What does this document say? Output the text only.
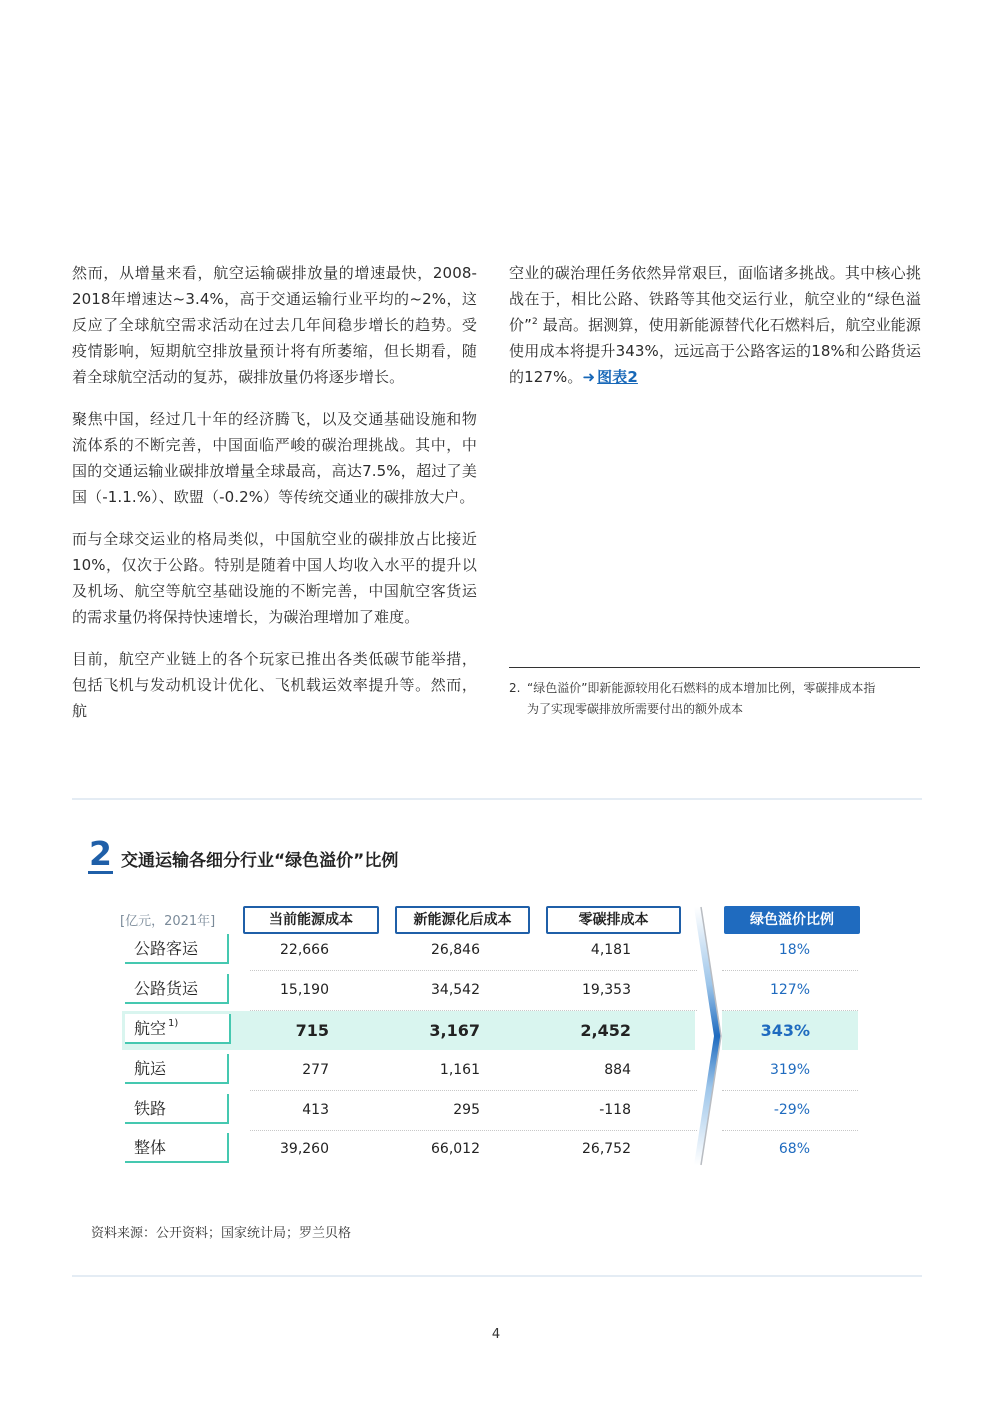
然而，从增量来看，航空运输碳排放量的增速最快，2008-2018年增速达~3.4%，高于交通运输行业平均的~2%，这反应了全球航空需求活动在过去几年间稳步增长的趋势。受疫情影响，短期航空排放量预计将有所萎缩，但长期看，随着全球航空活动的复苏，碳排放量仍将逐步增长。

聚焦中国，经过几十年的经济腾飞，以及交通基础设施和物流体系的不断完善，中国面临严峻的碳治理挑战。其中，中国的交通运输业碳排放增量全球最高，高达7.5%，超过了美国（-1.1.%）、欧盟（-0.2%）等传统交通业的碳排放大户。

而与全球交运业的格局类似，中国航空业的碳排放占比接近10%，仅次于公路。特别是随着中国人均收入水平的提升以及机场、航空等航空基础设施的不断完善，中国航空客货运的需求量仍将保持快速增长，为碳治理增加了难度。

目前，航空产业链上的各个玩家已推出各类低碳节能举措，包括飞机与发动机设计优化、飞机载运效率提升等。然而，航

空业的碳治理任务依然异常艰巨，面临诸多挑战。其中核心挑战在于，相比公路、铁路等其他交运行业，航空业的“绿色溢价”$^2$ 最高。据测算，使用新能源替代化石燃料后，航空业能源使用成本将提升343%，远远高于公路客运的18%和公路货运的127%。➜ 图表2

2. “绿色溢价”即新能源较用化石燃料的成本增加比例，零碳排成本指
为了实现零碳排放所需要付出的额外成本
2 交通运输各细分行业“绿色溢价”比例
[亿元，2021年]	当前能源成本	新能源化后成本	零碳排成本	绿色溢价比例
公路客运	22,666	26,846	4,181	18%
公路货运	15,190	34,542	19,353	127%
航空 $^{1)}$	715	3,167	2,452	343%
航运	277	1,161	884	319%
铁路	413	295	-118	-29%
整体	39,260	66,012	26,752	68%
资料来源：公开资料；国家统计局；罗兰贝格
4
